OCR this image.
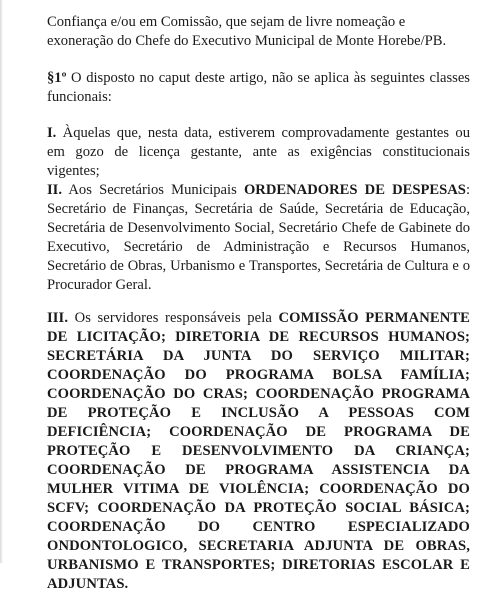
Confiança e/ou em Comissão, que sejam de livre nomeação e
exoneração do Chefe do Executivo Municipal de Monte Horebe/PB.

§1º O disposto no caput deste artigo, não se aplica às seguintes classes funcionais:

I. Àquelas que, nesta data, estiverem comprovadamente gestantes ou em gozo de licença gestante, ante as exigências constitucionais vigentes;

II. Aos Secretários Municipais ORDENADORES DE DESPESAS: Secretário de Finanças, Secretária de Saúde, Secretária de Educação, Secretária de Desenvolvimento Social, Secretário Chefe de Gabinete do Executivo, Secretário de Administração e Recursos Humanos, Secretário de Obras, Urbanismo e Transportes, Secretária de Cultura e o Procurador Geral.

III. Os servidores responsáveis pela COMISSÃO PERMANENTE DE LICITAÇÃO; DIRETORIA DE RECURSOS HUMANOS; SECRETÁRIA DA JUNTA DO SERVIÇO MILITAR; COORDENAÇÃO DO PROGRAMA BOLSA FAMÍLIA; COORDENAÇÃO DO CRAS; COORDENAÇÃO PROGRAMA DE PROTEÇÃO E INCLUSÃO A PESSOAS COM DEFICIÊNCIA; COORDENAÇÃO DE PROGRAMA DE PROTEÇÃO E DESENVOLVIMENTO DA CRIANÇA; COORDENAÇÃO DE PROGRAMA ASSISTENCIA DA MULHER VITIMA DE VIOLÊNCIA; COORDENAÇÃO DO SCFV; COORDENAÇÃO DA PROTEÇÃO SOCIAL BÁSICA; COORDENAÇÃO DO CENTRO ESPECIALIZADO ONDONTOLOGICO, SECRETARIA ADJUNTA DE OBRAS, URBANISMO E TRANSPORTES; DIRETORIAS ESCOLAR E ADJUNTAS.
